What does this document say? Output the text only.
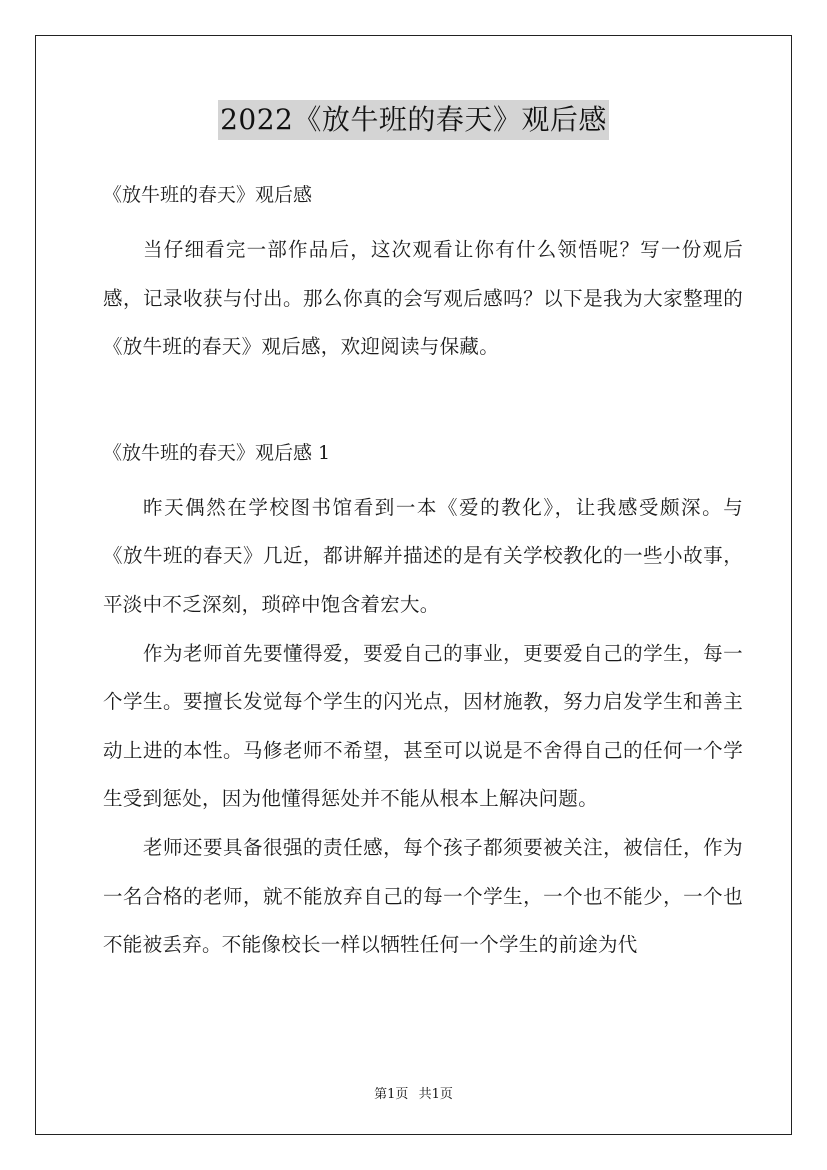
2022《放牛班的春天》观后感

《放牛班的春天》观后感

当仔细看完一部作品后，这次观看让你有什么领悟呢？写一份观后感，记录收获与付出。那么你真的会写观后感吗？以下是我为大家整理的《放牛班的春天》观后感，欢迎阅读与保藏。

《放牛班的春天》观后感 1

昨天偶然在学校图书馆看到一本《爱的教化》，让我感受颇深。与《放牛班的春天》几近，都讲解并描述的是有关学校教化的一些小故事，平淡中不乏深刻，琐碎中饱含着宏大。

作为老师首先要懂得爱，要爱自己的事业，更要爱自己的学生，每一个学生。要擅长发觉每个学生的闪光点，因材施教，努力启发学生和善主动上进的本性。马修老师不希望，甚至可以说是不舍得自己的任何一个学生受到惩处，因为他懂得惩处并不能从根本上解决问题。

老师还要具备很强的责任感，每个孩子都须要被关注，被信任，作为一名合格的老师，就不能放弃自己的每一个学生，一个也不能少，一个也不能被丢弃。不能像校长一样以牺牲任何一个学生的前途为代

第1页 共1页
